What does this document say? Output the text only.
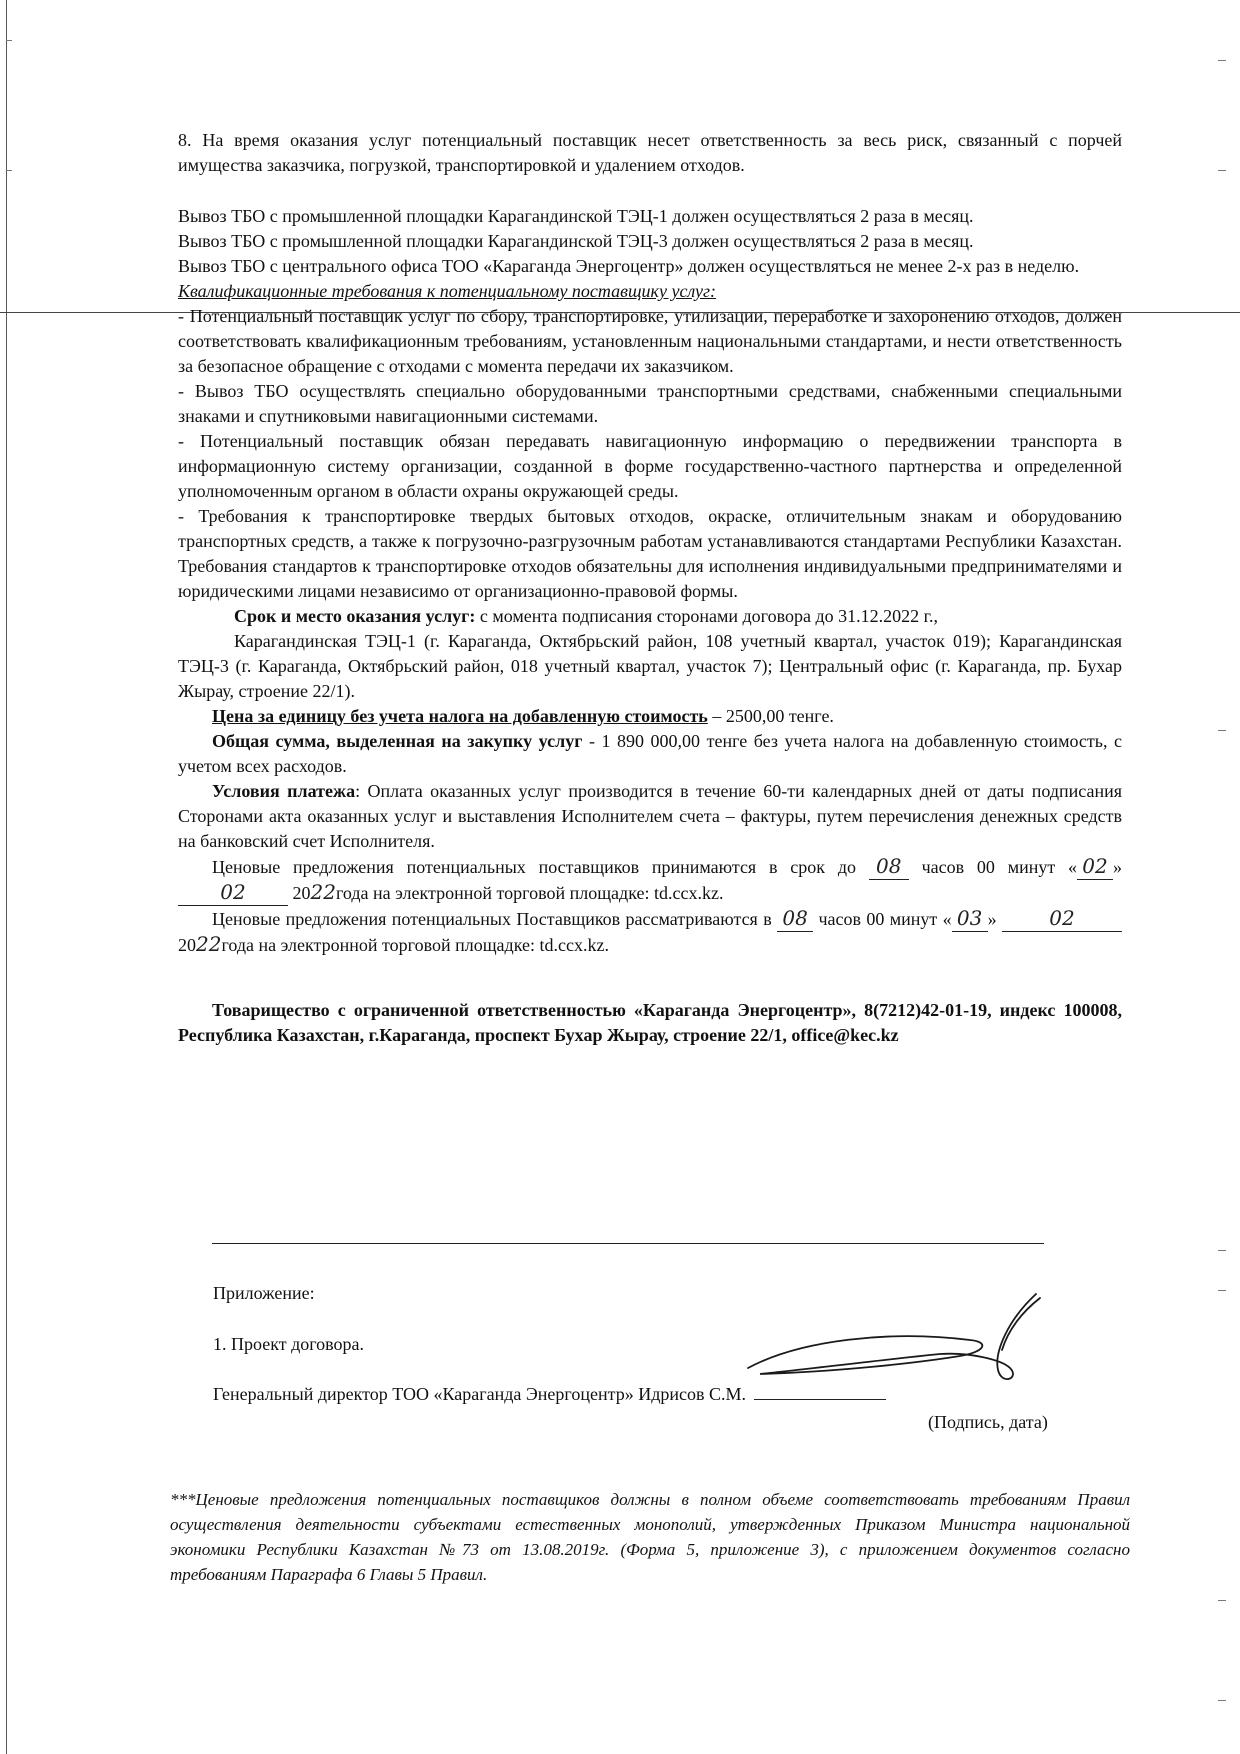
8. На время оказания услуг потенциальный поставщик несет ответственность за весь риск, связанный с порчей имущества заказчика, погрузкой, транспортировкой и удалением отходов.

Вывоз ТБО с промышленной площадки Карагандинской ТЭЦ-1 должен осуществляться 2 раза в месяц.

Вывоз ТБО с промышленной площадки Карагандинской ТЭЦ-3 должен осуществляться 2 раза в месяц.

Вывоз ТБО с центрального офиса ТОО «Караганда Энергоцентр» должен осуществляться не менее 2-х раз в неделю.

Квалификационные требования к потенциальному поставщику услуг:

- Потенциальный поставщик услуг по сбору, транспортировке, утилизации, переработке и захоронению отходов, должен соответствовать квалификационным требованиям, установленным национальными стандартами, и нести ответственность за безопасное обращение с отходами с момента передачи их заказчиком.

- Вывоз ТБО осуществлять специально оборудованными транспортными средствами, снабженными специальными знаками и спутниковыми навигационными системами.

- Потенциальный поставщик обязан передавать навигационную информацию о передвижении транспорта в информационную систему организации, созданной в форме государственно-частного партнерства и определенной уполномоченным органом в области охраны окружающей среды.

- Требования к транспортировке твердых бытовых отходов, окраске, отличительным знакам и оборудованию транспортных средств, а также к погрузочно-разгрузочным работам устанавливаются стандартами Республики Казахстан. Требования стандартов к транспортировке отходов обязательны для исполнения индивидуальными предпринимателями и юридическими лицами независимо от организационно-правовой формы.

Срок и место оказания услуг: с момента подписания сторонами договора до 31.12.2022 г.,

Карагандинская ТЭЦ-1 (г. Караганда, Октябрьский район, 108 учетный квартал, участок 019); Карагандинская ТЭЦ-3 (г. Караганда, Октябрьский район, 018 учетный квартал, участок 7); Центральный офис (г. Караганда, пр. Бухар Жырау, строение 22/1).

Цена за единицу без учета налога на добавленную стоимость – 2500,00 тенге.

Общая сумма, выделенная на закупку услуг - 1 890 000,00 тенге без учета налога на добавленную стоимость, с учетом всех расходов.

Условия платежа: Оплата оказанных услуг производится в течение 60-ти календарных дней от даты подписания Сторонами акта оказанных услуг и выставления Исполнителем счета – фактуры, путем перечисления денежных средств на банковский счет Исполнителя.

Ценовые предложения потенциальных поставщиков принимаются в срок до 08 часов 00 минут « 02 » 02	2022года на электронной торговой площадке: td.ccx.kz.

Ценовые предложения потенциальных Поставщиков рассматриваются в 08 часов 00 минут « 03 »	02 2022года на электронной торговой площадке: td.ccx.kz.

Товарищество с ограниченной ответственностью «Караганда Энергоцентр», 8(7212)42-01-19, индекс 100008, Республика Казахстан, г.Караганда, проспект Бухар Жырау, строение 22/1, office@kec.kz

Приложение:
1. Проект договора.
Генеральный директор ТОО «Караганда Энергоцентр» Идрисов С.М.
(Подпись, дата)

***Ценовые предложения потенциальных поставщиков должны в полном объеме соответствовать требованиям Правил осуществления деятельности субъектами естественных монополий, утвержденных Приказом Министра национальной экономики Республики Казахстан №73 от 13.08.2019г. (Форма 5, приложение 3), с приложением документов согласно требованиям Параграфа 6 Главы 5 Правил.
